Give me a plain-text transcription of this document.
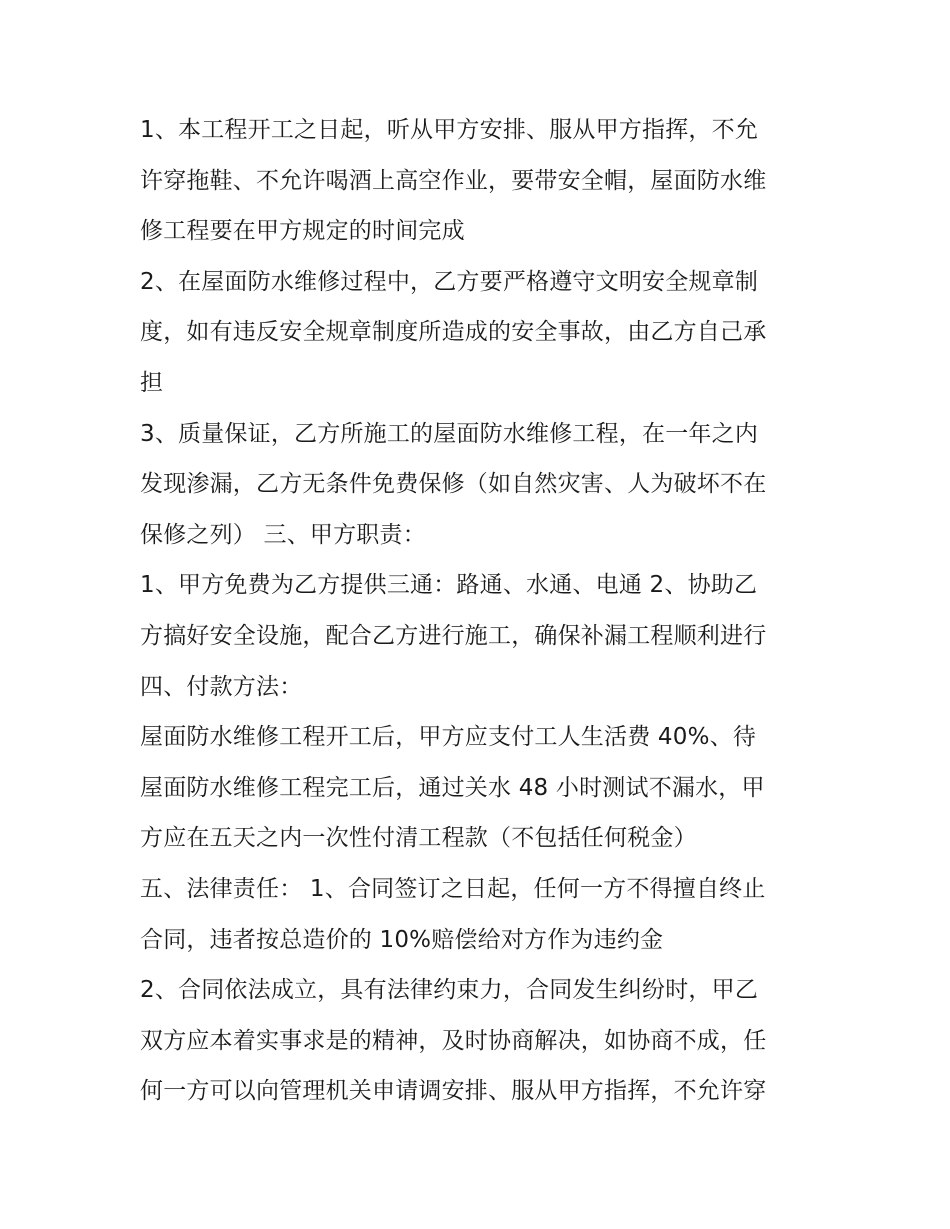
1、本工程开工之日起，听从甲方安排、服从甲方指挥，不允
许穿拖鞋、不允许喝酒上高空作业，要带安全帽，屋面防水维
修工程要在甲方规定的时间完成
2、在屋面防水维修过程中，乙方要严格遵守文明安全规章制
度，如有违反安全规章制度所造成的安全事故，由乙方自己承
担
3、质量保证，乙方所施工的屋面防水维修工程，在一年之内
发现渗漏，乙方无条件免费保修（如自然灾害、人为破坏不在
保修之列） 三、甲方职责：
1、甲方免费为乙方提供三通：路通、水通、电通 2、协助乙
方搞好安全设施，配合乙方进行施工，确保补漏工程顺利进行
四、付款方法：
屋面防水维修工程开工后，甲方应支付工人生活费 40%、待
屋面防水维修工程完工后，通过关水 48 小时测试不漏水，甲
方应在五天之内一次性付清工程款（不包括任何税金）
五、法律责任： 1、合同签订之日起，任何一方不得擅自终止
合同，违者按总造价的 10%赔偿给对方作为违约金
2、合同依法成立，具有法律约束力，合同发生纠纷时，甲乙
双方应本着实事求是的精神，及时协商解决，如协商不成，任
何一方可以向管理机关申请调安排、服从甲方指挥，不允许穿
